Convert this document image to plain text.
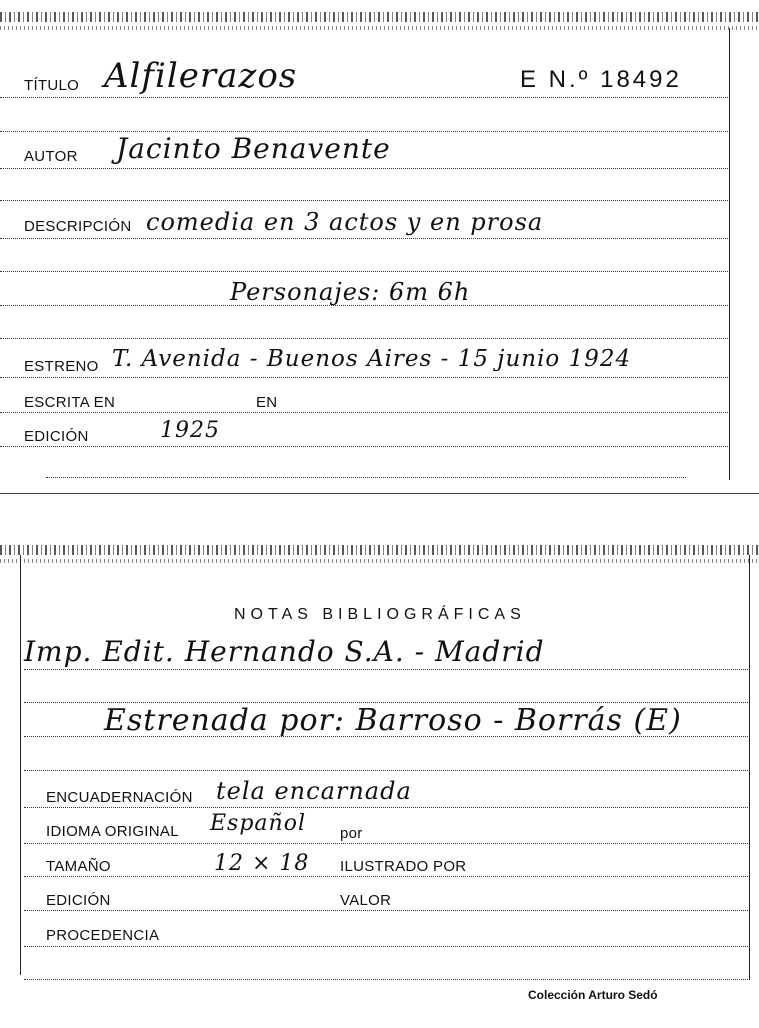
TÍTULO Alfilerazos	E N.º 18492
AUTOR Jacinto Benavente
DESCRIPCIÓN comedia en 3 actos y en prosa
Personajes: 6m 6h
ESTRENO T. Avenida - Buenos Aires - 15 junio 1924
ESCRITA EN	EN
EDICIÓN	1925
NOTAS BIBLIOGRÁFICAS
Imp. Edit. Hernando S.A. - Madrid
Estrenada por: Barroso - Borrás (E)
ENCUADERNACIÓN tela encarnada
IDIOMA ORIGINAL Español por
TAMAÑO	12 × 18 ILUSTRADO POR
EDICIÓN	VALOR
PROCEDENCIA
Colección Arturo Sedó
